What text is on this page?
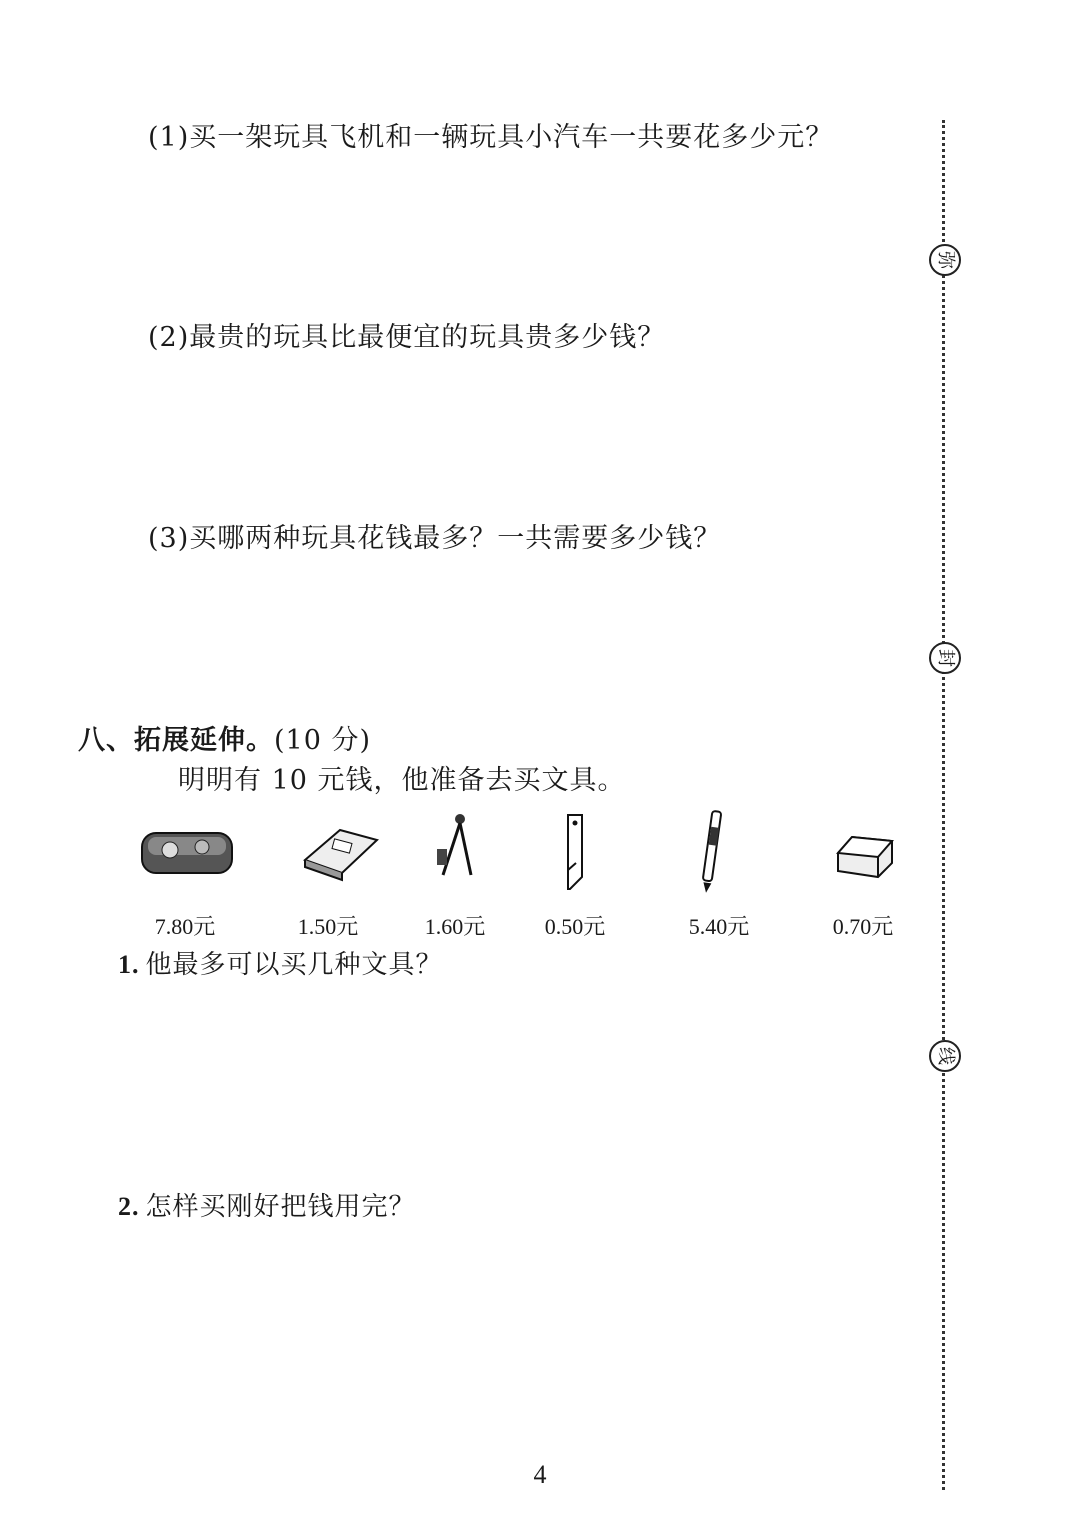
(1)买一架玩具飞机和一辆玩具小汽车一共要花多少元？
(2)最贵的玩具比最便宜的玩具贵多少钱？
(3)买哪两种玩具花钱最多？一共需要多少钱？
八、拓展延伸。(10 分)
明明有 10 元钱，他准备去买文具。
7.80元	1.50元	1.60元	0.50元	5.40元	0.70元
1. 他最多可以买几种文具？
2. 怎样买刚好把钱用完？
弥
封
线
4
